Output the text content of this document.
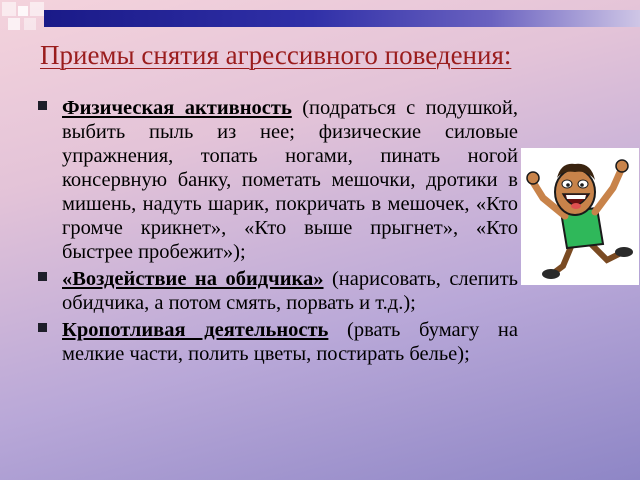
Приемы снятия агрессивного поведения:
Физическая активность (подраться с подушкой, выбить пыль из нее; физические силовые упражнения, топать ногами, пинать ногой консервную банку, пометать мешочки, дротики в мишень, надуть шарик, покричать в мешочек, «Кто громче крикнет», «Кто выше прыгнет», «Кто быстрее пробежит»);
«Воздействие на обидчика» (нарисовать, слепить обидчика, а потом смять, порвать и т.д.);
Кропотливая деятельность (рвать бумагу на мелкие части, полить цветы, постирать белье);
